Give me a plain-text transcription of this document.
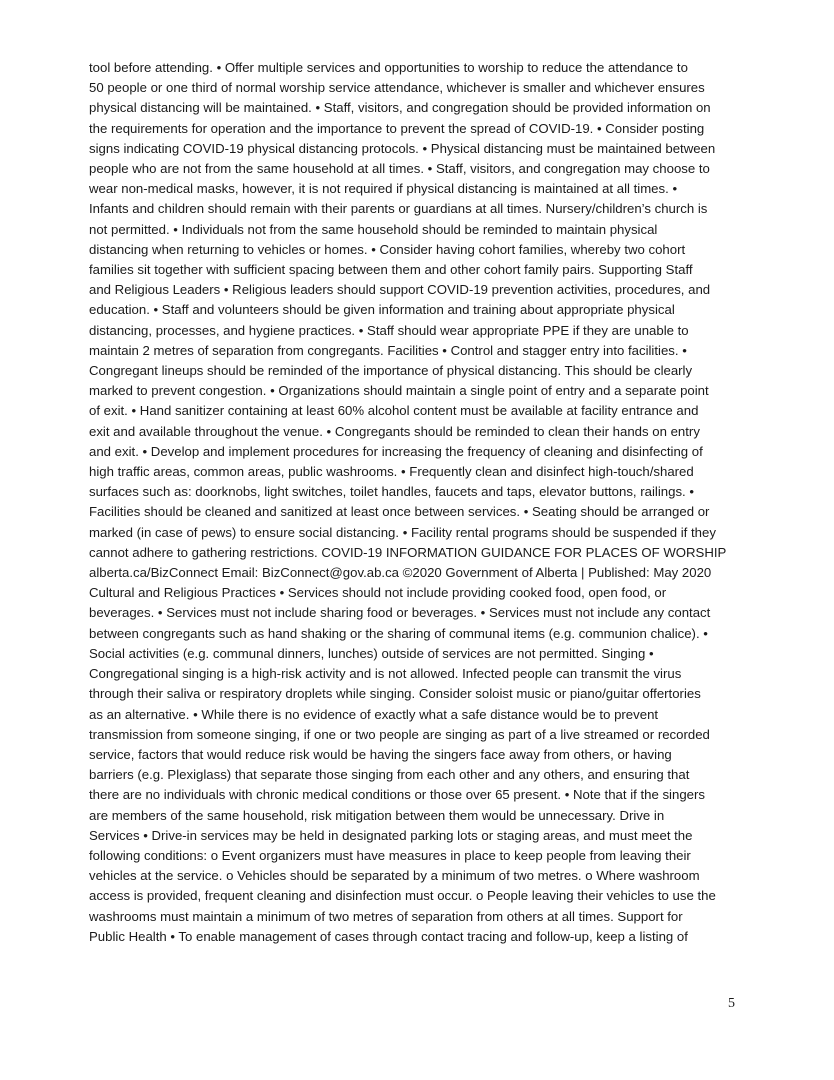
tool before attending. • Offer multiple services and opportunities to worship to reduce the attendance to
50 people or one third of normal worship service attendance, whichever is smaller and whichever ensures
physical distancing will be maintained. • Staff, visitors, and congregation should be provided information on
the requirements for operation and the importance to prevent the spread of COVID-19. • Consider posting
signs indicating COVID-19 physical distancing protocols. • Physical distancing must be maintained between
people who are not from the same household at all times. • Staff, visitors, and congregation may choose to
wear non-medical masks, however, it is not required if physical distancing is maintained at all times. •
Infants and children should remain with their parents or guardians at all times. Nursery/children’s church is
not permitted. • Individuals not from the same household should be reminded to maintain physical
distancing when returning to vehicles or homes. • Consider having cohort families, whereby two cohort
families sit together with sufficient spacing between them and other cohort family pairs. Supporting Staff
and Religious Leaders • Religious leaders should support COVID-19 prevention activities, procedures, and
education. • Staff and volunteers should be given information and training about appropriate physical
distancing, processes, and hygiene practices. • Staff should wear appropriate PPE if they are unable to
maintain 2 metres of separation from congregants. Facilities • Control and stagger entry into facilities. •
Congregant lineups should be reminded of the importance of physical distancing. This should be clearly
marked to prevent congestion. • Organizations should maintain a single point of entry and a separate point
of exit. • Hand sanitizer containing at least 60% alcohol content must be available at facility entrance and
exit and available throughout the venue. • Congregants should be reminded to clean their hands on entry
and exit. • Develop and implement procedures for increasing the frequency of cleaning and disinfecting of
high traffic areas, common areas, public washrooms. • Frequently clean and disinfect high-touch/shared
surfaces such as: doorknobs, light switches, toilet handles, faucets and taps, elevator buttons, railings. •
Facilities should be cleaned and sanitized at least once between services. • Seating should be arranged or
marked (in case of pews) to ensure social distancing. • Facility rental programs should be suspended if they
cannot adhere to gathering restrictions. COVID-19 INFORMATION GUIDANCE FOR PLACES OF WORSHIP
alberta.ca/BizConnect Email: BizConnect@gov.ab.ca ©2020 Government of Alberta | Published: May 2020
Cultural and Religious Practices • Services should not include providing cooked food, open food, or
beverages. • Services must not include sharing food or beverages. • Services must not include any contact
between congregants such as hand shaking or the sharing of communal items (e.g. communion chalice). •
Social activities (e.g. communal dinners, lunches) outside of services are not permitted. Singing •
Congregational singing is a high-risk activity and is not allowed. Infected people can transmit the virus
through their saliva or respiratory droplets while singing. Consider soloist music or piano/guitar offertories
as an alternative. • While there is no evidence of exactly what a safe distance would be to prevent
transmission from someone singing, if one or two people are singing as part of a live streamed or recorded
service, factors that would reduce risk would be having the singers face away from others, or having
barriers (e.g. Plexiglass) that separate those singing from each other and any others, and ensuring that
there are no individuals with chronic medical conditions or those over 65 present. • Note that if the singers
are members of the same household, risk mitigation between them would be unnecessary. Drive in
Services • Drive-in services may be held in designated parking lots or staging areas, and must meet the
following conditions: o Event organizers must have measures in place to keep people from leaving their
vehicles at the service. o Vehicles should be separated by a minimum of two metres. o Where washroom
access is provided, frequent cleaning and disinfection must occur. o People leaving their vehicles to use the
washrooms must maintain a minimum of two metres of separation from others at all times. Support for
Public Health • To enable management of cases through contact tracing and follow-up, keep a listing of
5
